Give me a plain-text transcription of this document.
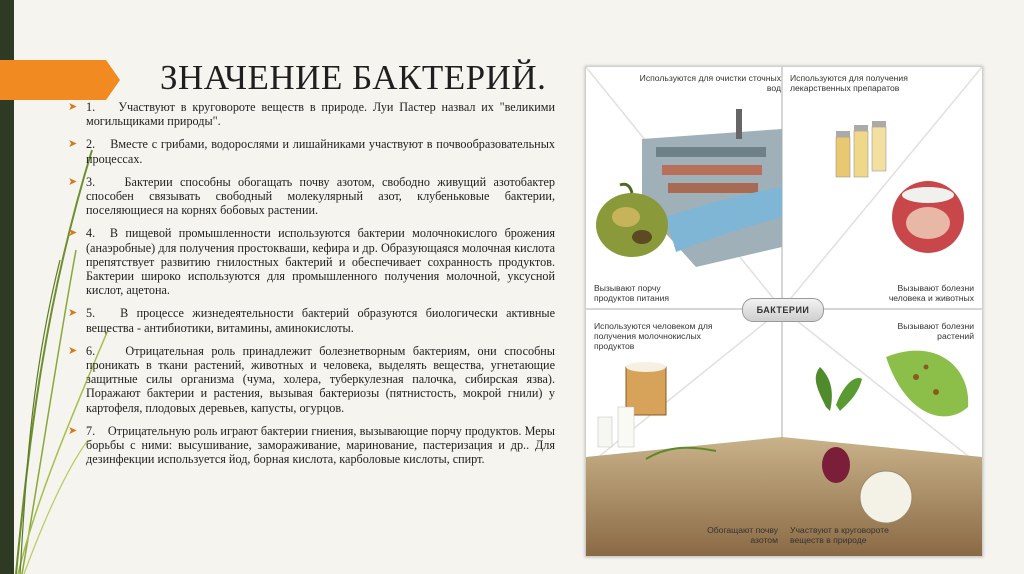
ЗНАЧЕНИЕ БАКТЕРИЙ.
➤ 1.    Участвуют в круговороте веществ в природе. Луи Пастер назвал их "великими могильщиками природы".
➤ 2.    Вместе с грибами, водорослями и лишайниками участвуют в почвообразовательных процессах.
➤ 3.    Бактерии способны обогащать почву азотом, свободно живущий азотобактер способен связывать свободный молекулярный азот, клубеньковые бактерии, поселяющиеся на корнях бобовых растении.
➤ 4.  В пищевой промышленности используются бактерии молочнокислого брожения (анаэробные) для получения простокваши, кефира и др. Образующаяся молочная кислота препятствует развитию гнилостных бактерий и обеспечивает сохранность продуктов. Бактерии широко используются для промышленного получения молочной, уксусной кислот, ацетона.
➤ 5.   В процессе жизнедеятельности бактерий образуются биологически активные вещества - антибиотики, витамины, аминокислоты.
➤ 6.    Отрицательная роль принадлежит болезнетворным бактериям, они способны проникать в ткани растений, животных и человека, выделять вещества, угнетающие защитные силы организма (чума, холера, туберкулезная палочка, сибирская язва). Поражают бактерии и растения, вызывая бактериозы (пятнистость, мокрой гнили) у картофеля, плодовых деревьев, капусты, огурцов.
➤ 7.    Отрицательную роль играют бактерии гниения, вызывающие порчу продуктов. Меры борьбы с ними: высушивание, замораживание, маринование, пастеризация и др.. Для дезинфекции используется йод, борная кислота, карболовые кислоты, спирт.
Используются для очистки сточных вод
Используются для получения лекарственных препаратов
Вызывают порчу продуктов питания
Вызывают болезни человека и животных
Используются человеком для получения молочнокислых продуктов
Вызывают болезни растений
Обогащают почву азотом
Участвуют в круговороте веществ в природе
БАКТЕРИИ
